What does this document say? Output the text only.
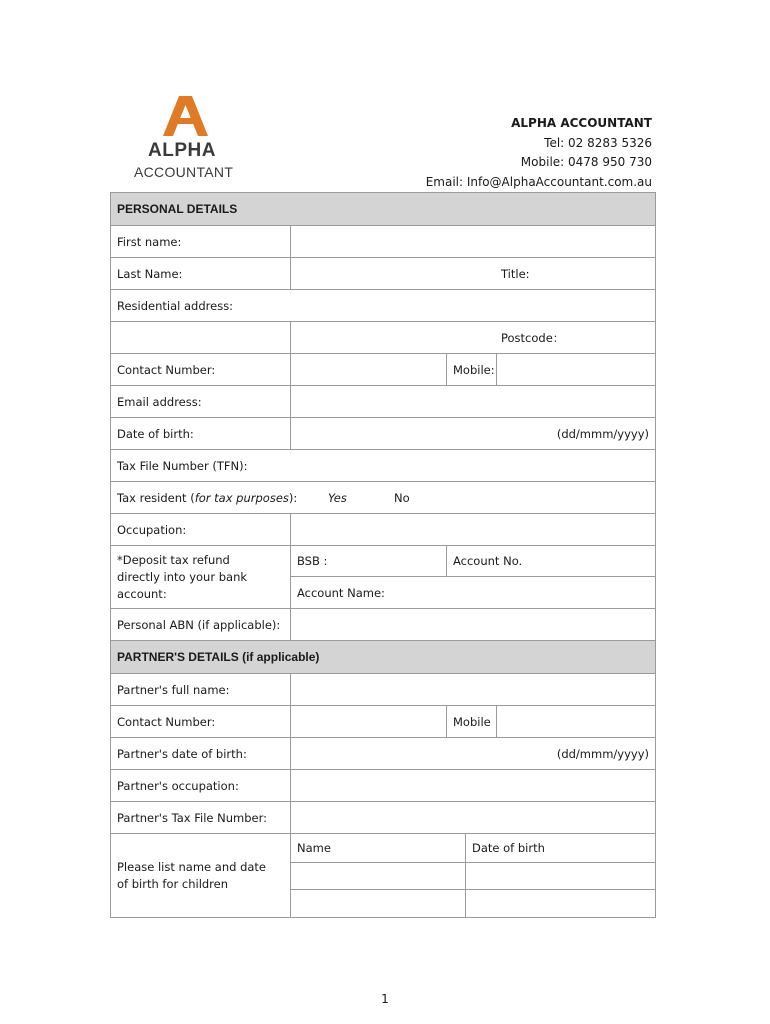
ALPHA
ACCOUNTANT
ALPHA ACCOUNTANT
Tel: 02 8283 5326
Mobile: 0478 950 730
Email: Info@AlphaAccountant.com.au
PERSONAL DETAILS
First name:
Last Name:	Title:
Residential address:
Postcode：
Contact Number:	Mobile:
Email address:
Date of birth:	(dd/mmm/yyyy)
Tax File Number (TFN):
Tax resident ( for tax purposes ):	Yes	No
Occupation:
*Deposit tax refund directly into your bank account:
BSB :	Account No.
Account Name:
Personal ABN (if applicable):
PARTNER'S DETAILS (if applicable)
Partner's full name:
Contact Number:	Mobile
Partner's date of birth:	(dd/mmm/yyyy)
Partner's occupation:
Partner's Tax File Number:
Please list name and date of birth for children
Name	Date of birth
1
